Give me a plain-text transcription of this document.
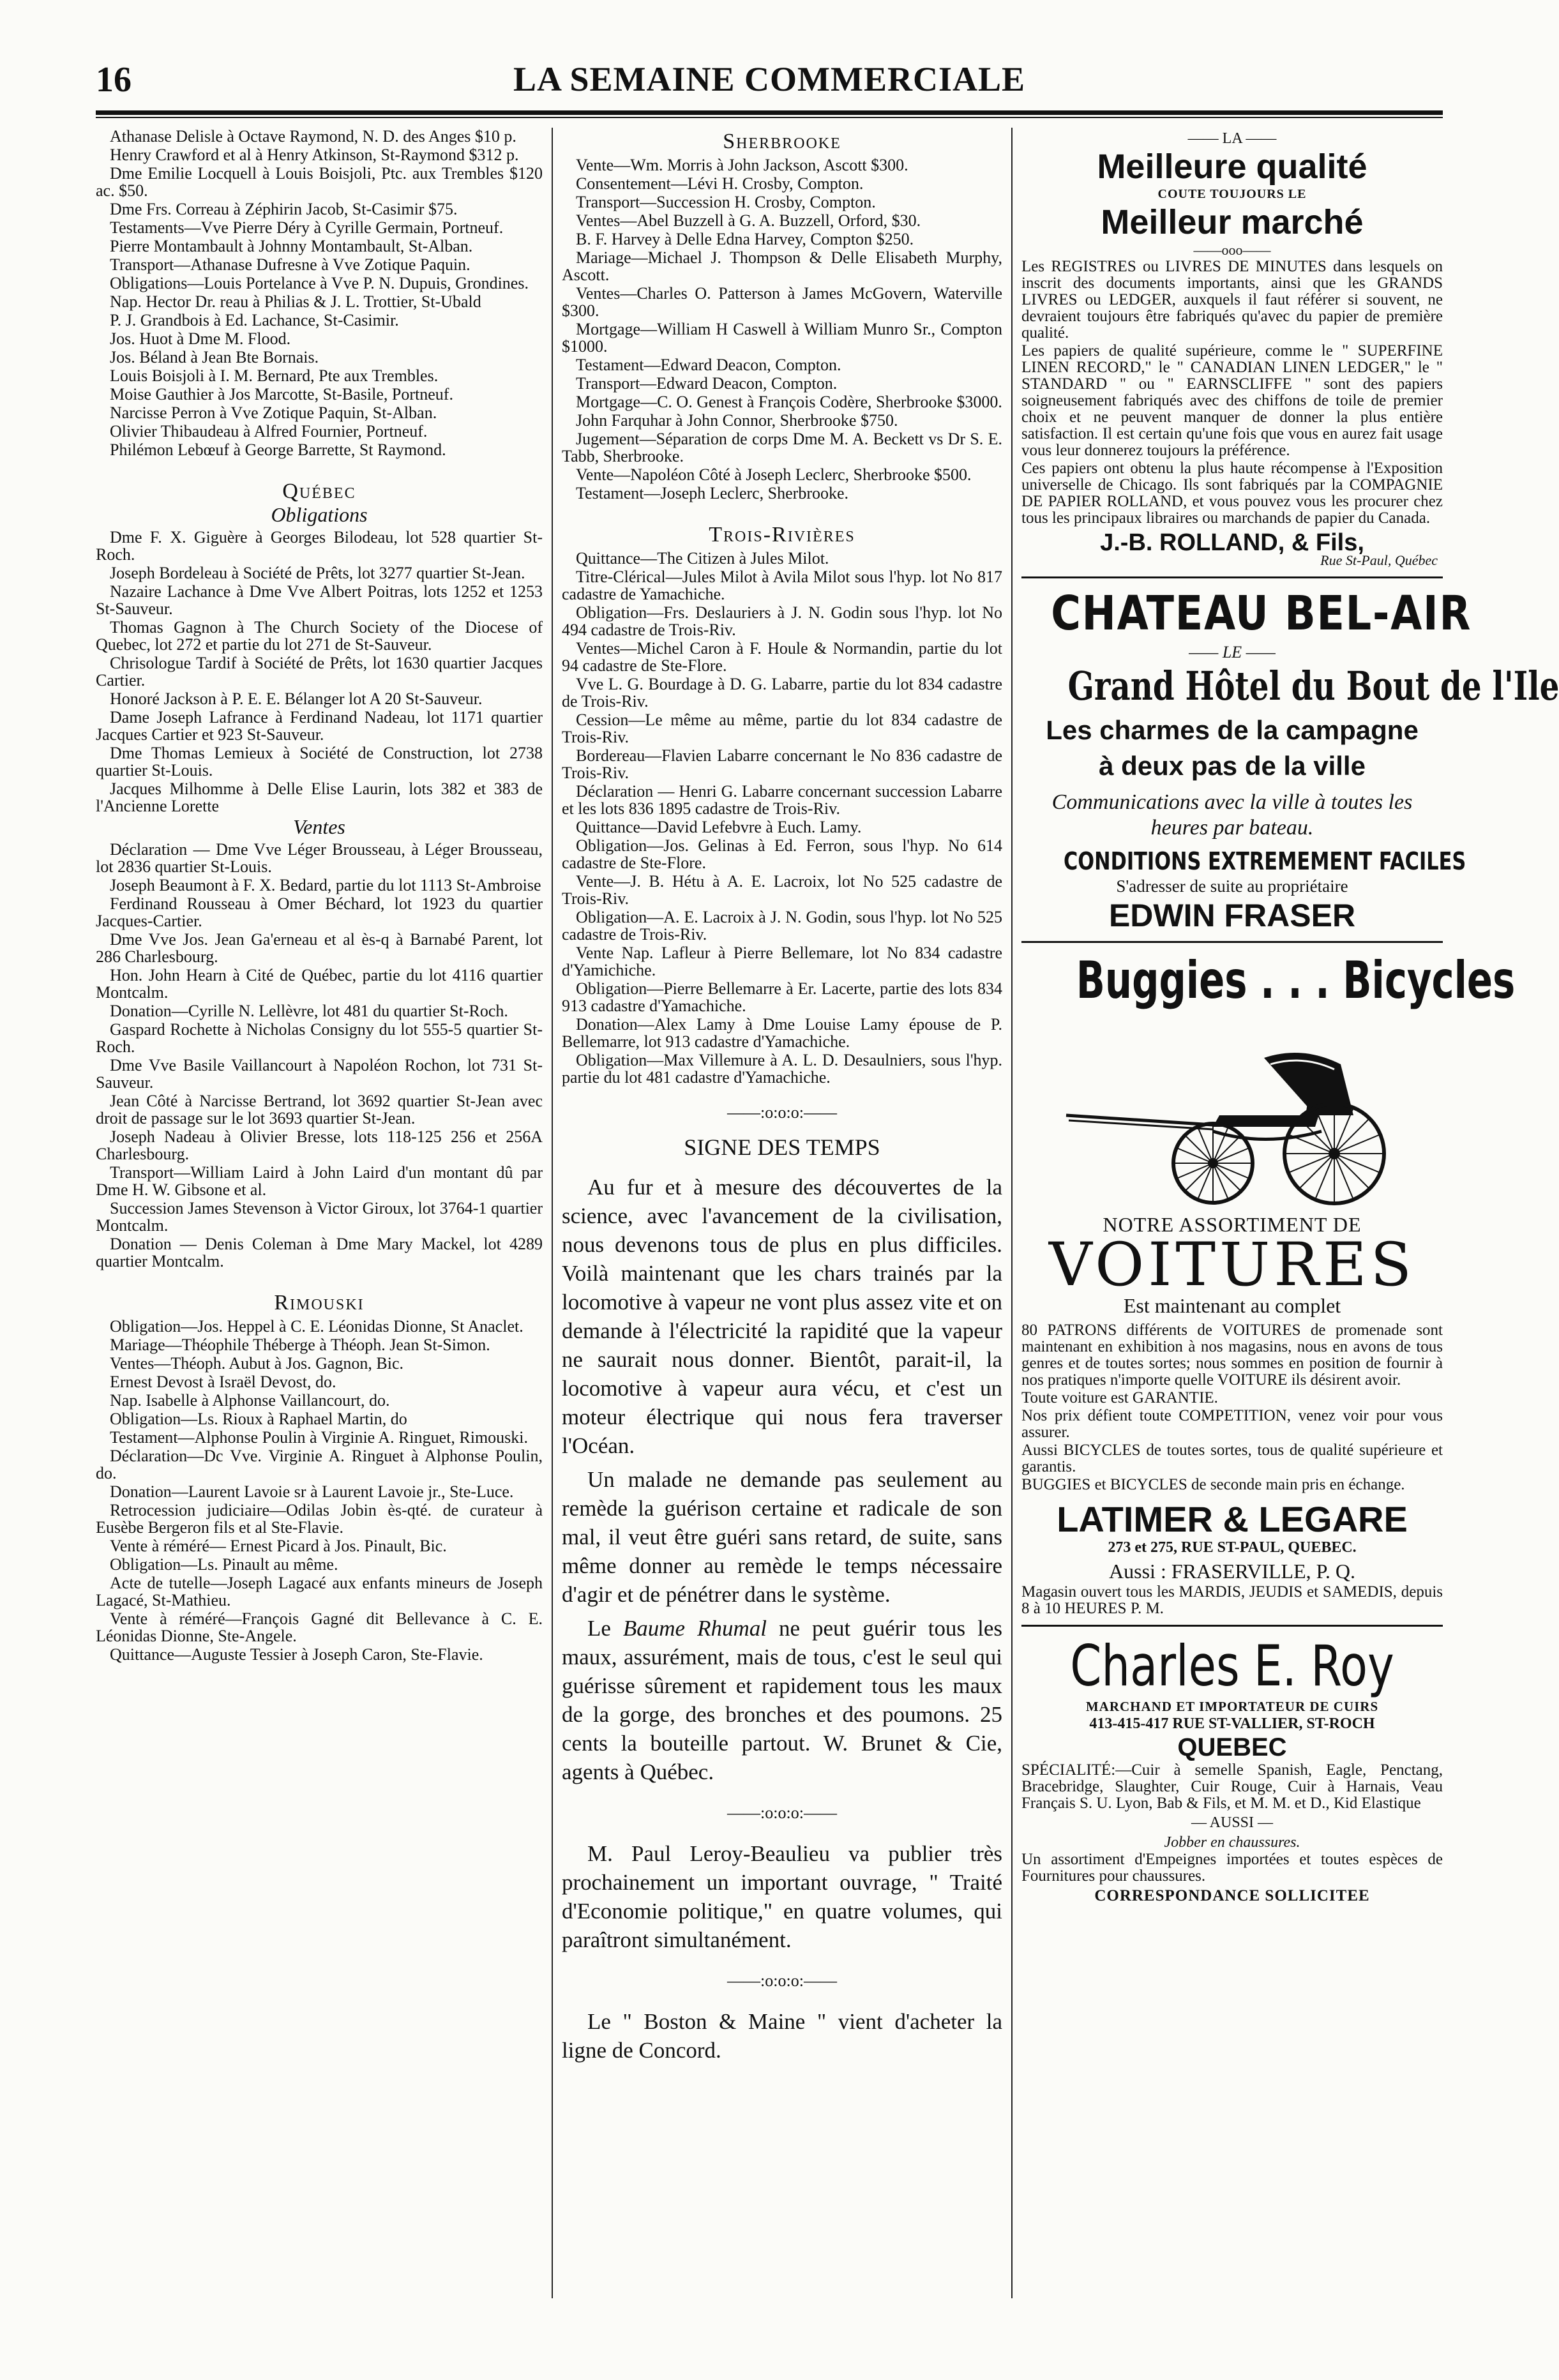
16	LA SEMAINE COMMERCIALE

Athanase Delisle à Octave Raymond, N. D. des Anges $10 p.

Henry Crawford et al à Henry Atkinson, St-Raymond $312 p.

Dme Emilie Locquell à Louis Boisjoli, Ptc. aux Trembles $120 ac. $50.

Dme Frs. Correau à Zéphirin Jacob, St-Casimir $75.

Testaments—Vve Pierre Déry à Cyrille Germain, Portneuf.

Pierre Montambault à Johnny Montambault, St-Alban.

Transport—Athanase Dufresne à Vve Zotique Paquin.

Obligations—Louis Portelance à Vve P. N. Dupuis, Grondines.

Nap. Hector Dr. reau à Philias & J. L. Trottier, St-Ubald

P. J. Grandbois à Ed. Lachance, St-Casimir.

Jos. Huot à Dme M. Flood.

Jos. Béland à Jean Bte Bornais.

Louis Boisjoli à I. M. Bernard, Pte aux Trembles.

Moise Gauthier à Jos Marcotte, St-Basile, Portneuf.

Narcisse Perron à Vve Zotique Paquin, St-Alban.

Olivier Thibaudeau à Alfred Fournier, Portneuf.

Philémon Lebœuf à George Barrette, St Raymond.

Québec
Obligations

Dme F. X. Giguère à Georges Bilodeau, lot 528 quartier St-Roch.

Joseph Bordeleau à Société de Prêts, lot 3277 quartier St-Jean.

Nazaire Lachance à Dme Vve Albert Poitras, lots 1252 et 1253 St-Sauveur.

Thomas Gagnon à The Church Society of the Diocese of Quebec, lot 272 et partie du lot 271 de St-Sauveur.

Chrisologue Tardif à Société de Prêts, lot 1630 quartier Jacques Cartier.

Honoré Jackson à P. E. E. Bélanger lot A 20 St-Sauveur.

Dame Joseph Lafrance à Ferdinand Nadeau, lot 1171 quartier Jacques Cartier et 923 St-Sauveur.

Dme Thomas Lemieux à Société de Construction, lot 2738 quartier St-Louis.

Jacques Milhomme à Delle Elise Laurin, lots 382 et 383 de l'Ancienne Lorette

Ventes

Déclaration — Dme Vve Léger Brousseau, à Léger Brousseau, lot 2836 quartier St-Louis.

Joseph Beaumont à F. X. Bedard, partie du lot 1113 St-Ambroise

Ferdinand Rousseau à Omer Béchard, lot 1923 du quartier Jacques-Cartier.

Dme Vve Jos. Jean Ga'erneau et al ès-q à Barnabé Parent, lot 286 Charlesbourg.

Hon. John Hearn à Cité de Québec, partie du lot 4116 quartier Montcalm.

Donation—Cyrille N. Lellèvre, lot 481 du quartier St-Roch.

Gaspard Rochette à Nicholas Consigny du lot 555-5 quartier St-Roch.

Dme Vve Basile Vaillancourt à Napoléon Rochon, lot 731 St-Sauveur.

Jean Côté à Narcisse Bertrand, lot 3692 quartier St-Jean avec droit de passage sur le lot 3693 quartier St-Jean.

Joseph Nadeau à Olivier Bresse, lots 118-125 256 et 256A Charlesbourg.

Transport—William Laird à John Laird d'un montant dû par Dme H. W. Gibsone et al.

Succession James Stevenson à Victor Giroux, lot 3764-1 quartier Montcalm.

Donation — Denis Coleman à Dme Mary Mackel, lot 4289 quartier Montcalm.

Rimouski

Obligation—Jos. Heppel à C. E. Léonidas Dionne, St Anaclet.

Mariage—Théophile Théberge à Théoph. Jean St-Simon.

Ventes—Théoph. Aubut à Jos. Gagnon, Bic.

Ernest Devost à Israël Devost, do.

Nap. Isabelle à Alphonse Vaillancourt, do.

Obligation—Ls. Rioux à Raphael Martin, do

Testament—Alphonse Poulin à Virginie A. Ringuet, Rimouski.

Déclaration—Dc Vve. Virginie A. Ringuet à Alphonse Poulin, do.

Donation—Laurent Lavoie sr à Laurent Lavoie jr., Ste-Luce.

Retrocession judiciaire—Odilas Jobin ès-qté. de curateur à Eusèbe Bergeron fils et al Ste-Flavie.

Vente à réméré— Ernest Picard à Jos. Pinault, Bic.

Obligation—Ls. Pinault au même.

Acte de tutelle—Joseph Lagacé aux enfants mineurs de Joseph Lagacé, St-Mathieu.

Vente à réméré—François Gagné dit Bellevance à C. E. Léonidas Dionne, Ste-Angele.

Quittance—Auguste Tessier à Joseph Caron, Ste-Flavie.

Sherbrooke

Vente—Wm. Morris à John Jackson, Ascott $300.

Consentement—Lévi H. Crosby, Compton.

Transport—Succession H. Crosby, Compton.

Ventes—Abel Buzzell à G. A. Buzzell, Orford, $30.

B. F. Harvey à Delle Edna Harvey, Compton $250.

Mariage—Michael J. Thompson & Delle Elisabeth Murphy, Ascott.

Ventes—Charles O. Patterson à James McGovern, Waterville $300.

Mortgage—William H Caswell à William Munro Sr., Compton $1000.

Testament—Edward Deacon, Compton.

Transport—Edward Deacon, Compton.

Mortgage—C. O. Genest à François Codère, Sherbrooke $3000.

John Farquhar à John Connor, Sherbrooke $750.

Jugement—Séparation de corps Dme M. A. Beckett vs Dr S. E. Tabb, Sherbrooke.

Vente—Napoléon Côté à Joseph Leclerc, Sherbrooke $500.

Testament—Joseph Leclerc, Sherbrooke.

Trois-Rivières

Quittance—The Citizen à Jules Milot.

Titre-Clérical—Jules Milot à Avila Milot sous l'hyp. lot No 817 cadastre de Yamachiche.

Obligation—Frs. Deslauriers à J. N. Godin sous l'hyp. lot No 494 cadastre de Trois-Riv.

Ventes—Michel Caron à F. Houle & Normandin, partie du lot 94 cadastre de Ste-Flore.

Vve L. G. Bourdage à D. G. Labarre, partie du lot 834 cadastre de Trois-Riv.

Cession—Le même au même, partie du lot 834 cadastre de Trois-Riv.

Bordereau—Flavien Labarre concernant le No 836 cadastre de Trois-Riv.

Déclaration — Henri G. Labarre concernant succession Labarre et les lots 836 1895 cadastre de Trois-Riv.

Quittance—David Lefebvre à Euch. Lamy.

Obligation—Jos. Gelinas à Ed. Ferron, sous l'hyp. No 614 cadastre de Ste-Flore.

Vente—J. B. Hétu à A. E. Lacroix, lot No 525 cadastre de Trois-Riv.

Obligation—A. E. Lacroix à J. N. Godin, sous l'hyp. lot No 525 cadastre de Trois-Riv.

Vente Nap. Lafleur à Pierre Bellemare, lot No 834 cadastre d'Yamichiche.

Obligation—Pierre Bellemarre à Er. Lacerte, partie des lots 834 913 cadastre d'Yamachiche.

Donation—Alex Lamy à Dme Louise Lamy épouse de P. Bellemarre, lot 913 cadastre d'Yamachiche.

Obligation—Max Villemure à A. L. D. Desaulniers, sous l'hyp. partie du lot 481 cadastre d'Yamachiche.

——:o:o:o:——
SIGNE DES TEMPS

Au fur et à mesure des découvertes de la science, avec l'avancement de la civilisation, nous devenons tous de plus en plus difficiles. Voilà maintenant que les chars trainés par la locomotive à vapeur ne vont plus assez vite et on demande à l'électricité la rapidité que la vapeur ne saurait nous donner. Bientôt, parait-il, la locomotive à vapeur aura vécu, et c'est un moteur électrique qui nous fera traverser l'Océan.

Un malade ne demande pas seulement au remède la guérison certaine et radicale de son mal, il veut être guéri sans retard, de suite, sans même donner au remède le temps nécessaire d'agir et de pénétrer dans le système.

Le Baume Rhumal ne peut guérir tous les maux, assurément, mais de tous, c'est le seul qui guérisse sûrement et rapidement tous les maux de la gorge, des bronches et des poumons. 25 cents la bouteille partout. W. Brunet & Cie, agents à Québec.

——:o:o:o:——

M. Paul Leroy-Beaulieu va publier très prochainement un important ouvrage, " Traité d'Economie politique," en quatre volumes, qui paraîtront simultanément.

——:o:o:o:——

Le " Boston & Maine " vient d'acheter la ligne de Concord.

—— LA ——
Meilleure qualité
COUTE TOUJOURS LE
Meilleur marché
——ooo——

Les REGISTRES ou LIVRES DE MINUTES dans lesquels on inscrit des documents importants, ainsi que les GRANDS LIVRES ou LEDGER, auxquels il faut référer si souvent, ne devraient toujours être fabriqués qu'avec du papier de première qualité.

Les papiers de qualité supérieure, comme le " SUPERFINE LINEN RECORD," le " CANADIAN LINEN LEDGER," le " STANDARD " ou " EARNSCLIFFE " sont des papiers soigneusement fabriqués avec des chiffons de toile de premier choix et ne peuvent manquer de donner la plus entière satisfaction. Il est certain qu'une fois que vous en aurez fait usage vous leur donnerez toujours la préférence.

Ces papiers ont obtenu la plus haute récompense à l'Exposition universelle de Chicago. Ils sont fabriqués par la COMPAGNIE DE PAPIER ROLLAND, et vous pouvez vous les procurer chez tous les principaux libraires ou marchands de papier du Canada.

J.-B. ROLLAND, & Fils,
Rue St-Paul, Québec
CHATEAU BEL-AIR
—— LE ——
Grand Hôtel du Bout de l'Ile
Les charmes de la campagne
à deux pas de la ville
Communications avec la ville à toutes les
heures par bateau.
CONDITIONS EXTREMEMENT FACILES
S'adresser de suite au propriétaire
EDWIN FRASER
Buggies . . . Bicycles
NOTRE ASSORTIMENT DE
VOITURES
Est maintenant au complet

80 PATRONS différents de VOITURES de promenade sont maintenant en exhibition à nos magasins, nous en avons de tous genres et de toutes sortes; nous sommes en position de fournir à nos pratiques n'importe quelle VOITURE ils désirent avoir.

Toute voiture est GARANTIE.

Nos prix défient toute COMPETITION, venez voir pour vous assurer.

Aussi BICYCLES de toutes sortes, tous de qualité supérieure et garantis.

BUGGIES et BICYCLES de seconde main pris en échange.

LATIMER & LEGARE
273 et 275, RUE ST-PAUL, QUEBEC.
Aussi : FRASERVILLE, P. Q.

Magasin ouvert tous les MARDIS, JEUDIS et SAMEDIS, depuis 8 à 10 HEURES P. M.

Charles E. Roy
MARCHAND ET IMPORTATEUR DE CUIRS
413-415-417 RUE ST-VALLIER, ST-ROCH
QUEBEC

SPÉCIALITÉ:—Cuir à semelle Spanish, Eagle, Penctang, Bracebridge, Slaughter, Cuir Rouge, Cuir à Harnais, Veau Français S. U. Lyon, Bab & Fils, et M. M. et D., Kid Elastique

— AUSSI —
Jobber en chaussures.

Un assortiment d'Empeignes importées et toutes espèces de Fournitures pour chaussures.

CORRESPONDANCE SOLLICITEE
